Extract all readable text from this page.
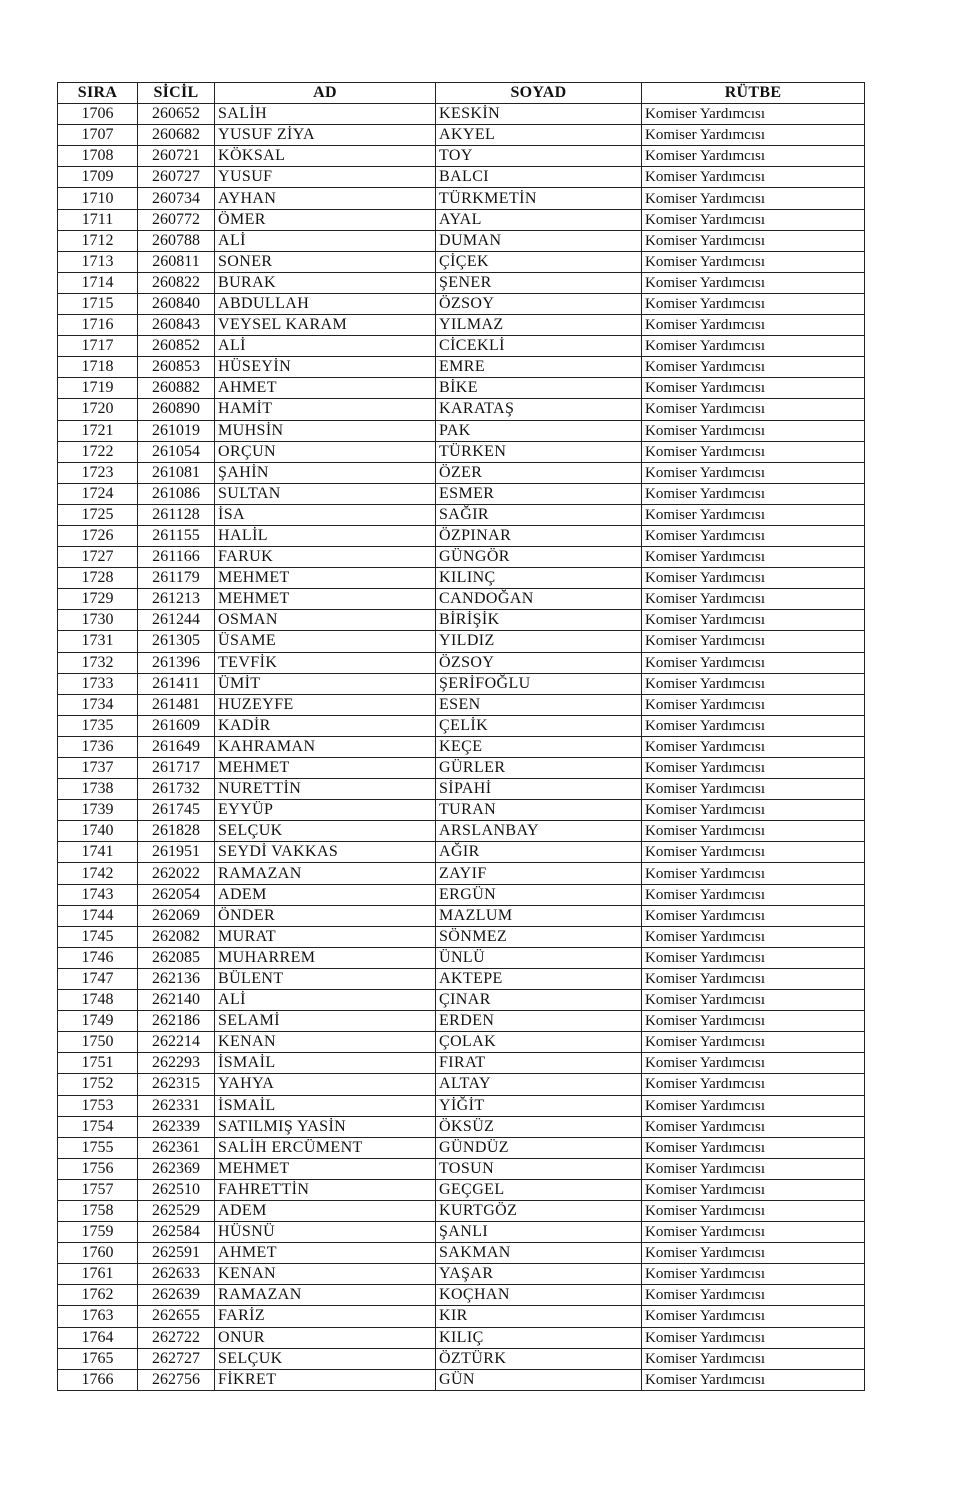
SIRA	SİCİL	AD	SOYAD	RÜTBE
1706	260652	SALİH	KESKİN	Komiser Yardımcısı
1707	260682	YUSUF ZİYA	AKYEL	Komiser Yardımcısı
1708	260721	KÖKSAL	TOY	Komiser Yardımcısı
1709	260727	YUSUF	BALCI	Komiser Yardımcısı
1710	260734	AYHAN	TÜRKMETİN	Komiser Yardımcısı
1711	260772	ÖMER	AYAL	Komiser Yardımcısı
1712	260788	ALİ	DUMAN	Komiser Yardımcısı
1713	260811	SONER	ÇİÇEK	Komiser Yardımcısı
1714	260822	BURAK	ŞENER	Komiser Yardımcısı
1715	260840	ABDULLAH	ÖZSOY	Komiser Yardımcısı
1716	260843	VEYSEL KARAM	YILMAZ	Komiser Yardımcısı
1717	260852	ALİ	CİCEKLİ	Komiser Yardımcısı
1718	260853	HÜSEYİN	EMRE	Komiser Yardımcısı
1719	260882	AHMET	BİKE	Komiser Yardımcısı
1720	260890	HAMİT	KARATAŞ	Komiser Yardımcısı
1721	261019	MUHSİN	PAK	Komiser Yardımcısı
1722	261054	ORÇUN	TÜRKEN	Komiser Yardımcısı
1723	261081	ŞAHİN	ÖZER	Komiser Yardımcısı
1724	261086	SULTAN	ESMER	Komiser Yardımcısı
1725	261128	İSA	SAĞIR	Komiser Yardımcısı
1726	261155	HALİL	ÖZPINAR	Komiser Yardımcısı
1727	261166	FARUK	GÜNGÖR	Komiser Yardımcısı
1728	261179	MEHMET	KILINÇ	Komiser Yardımcısı
1729	261213	MEHMET	CANDOĞAN	Komiser Yardımcısı
1730	261244	OSMAN	BİRİŞİK	Komiser Yardımcısı
1731	261305	ÜSAME	YILDIZ	Komiser Yardımcısı
1732	261396	TEVFİK	ÖZSOY	Komiser Yardımcısı
1733	261411	ÜMİT	ŞERİFOĞLU	Komiser Yardımcısı
1734	261481	HUZEYFE	ESEN	Komiser Yardımcısı
1735	261609	KADİR	ÇELİK	Komiser Yardımcısı
1736	261649	KAHRAMAN	KEÇE	Komiser Yardımcısı
1737	261717	MEHMET	GÜRLER	Komiser Yardımcısı
1738	261732	NURETTİN	SİPAHİ	Komiser Yardımcısı
1739	261745	EYYÜP	TURAN	Komiser Yardımcısı
1740	261828	SELÇUK	ARSLANBAY	Komiser Yardımcısı
1741	261951	SEYDİ VAKKAS	AĞIR	Komiser Yardımcısı
1742	262022	RAMAZAN	ZAYIF	Komiser Yardımcısı
1743	262054	ADEM	ERGÜN	Komiser Yardımcısı
1744	262069	ÖNDER	MAZLUM	Komiser Yardımcısı
1745	262082	MURAT	SÖNMEZ	Komiser Yardımcısı
1746	262085	MUHARREM	ÜNLÜ	Komiser Yardımcısı
1747	262136	BÜLENT	AKTEPE	Komiser Yardımcısı
1748	262140	ALİ	ÇINAR	Komiser Yardımcısı
1749	262186	SELAMİ	ERDEN	Komiser Yardımcısı
1750	262214	KENAN	ÇOLAK	Komiser Yardımcısı
1751	262293	İSMAİL	FIRAT	Komiser Yardımcısı
1752	262315	YAHYA	ALTAY	Komiser Yardımcısı
1753	262331	İSMAİL	YİĞİT	Komiser Yardımcısı
1754	262339	SATILMIŞ YASİN	ÖKSÜZ	Komiser Yardımcısı
1755	262361	SALİH ERCÜMENT	GÜNDÜZ	Komiser Yardımcısı
1756	262369	MEHMET	TOSUN	Komiser Yardımcısı
1757	262510	FAHRETTİN	GEÇGEL	Komiser Yardımcısı
1758	262529	ADEM	KURTGÖZ	Komiser Yardımcısı
1759	262584	HÜSNÜ	ŞANLI	Komiser Yardımcısı
1760	262591	AHMET	SAKMAN	Komiser Yardımcısı
1761	262633	KENAN	YAŞAR	Komiser Yardımcısı
1762	262639	RAMAZAN	KOÇHAN	Komiser Yardımcısı
1763	262655	FARİZ	KIR	Komiser Yardımcısı
1764	262722	ONUR	KILIÇ	Komiser Yardımcısı
1765	262727	SELÇUK	ÖZTÜRK	Komiser Yardımcısı
1766	262756	FİKRET	GÜN	Komiser Yardımcısı
